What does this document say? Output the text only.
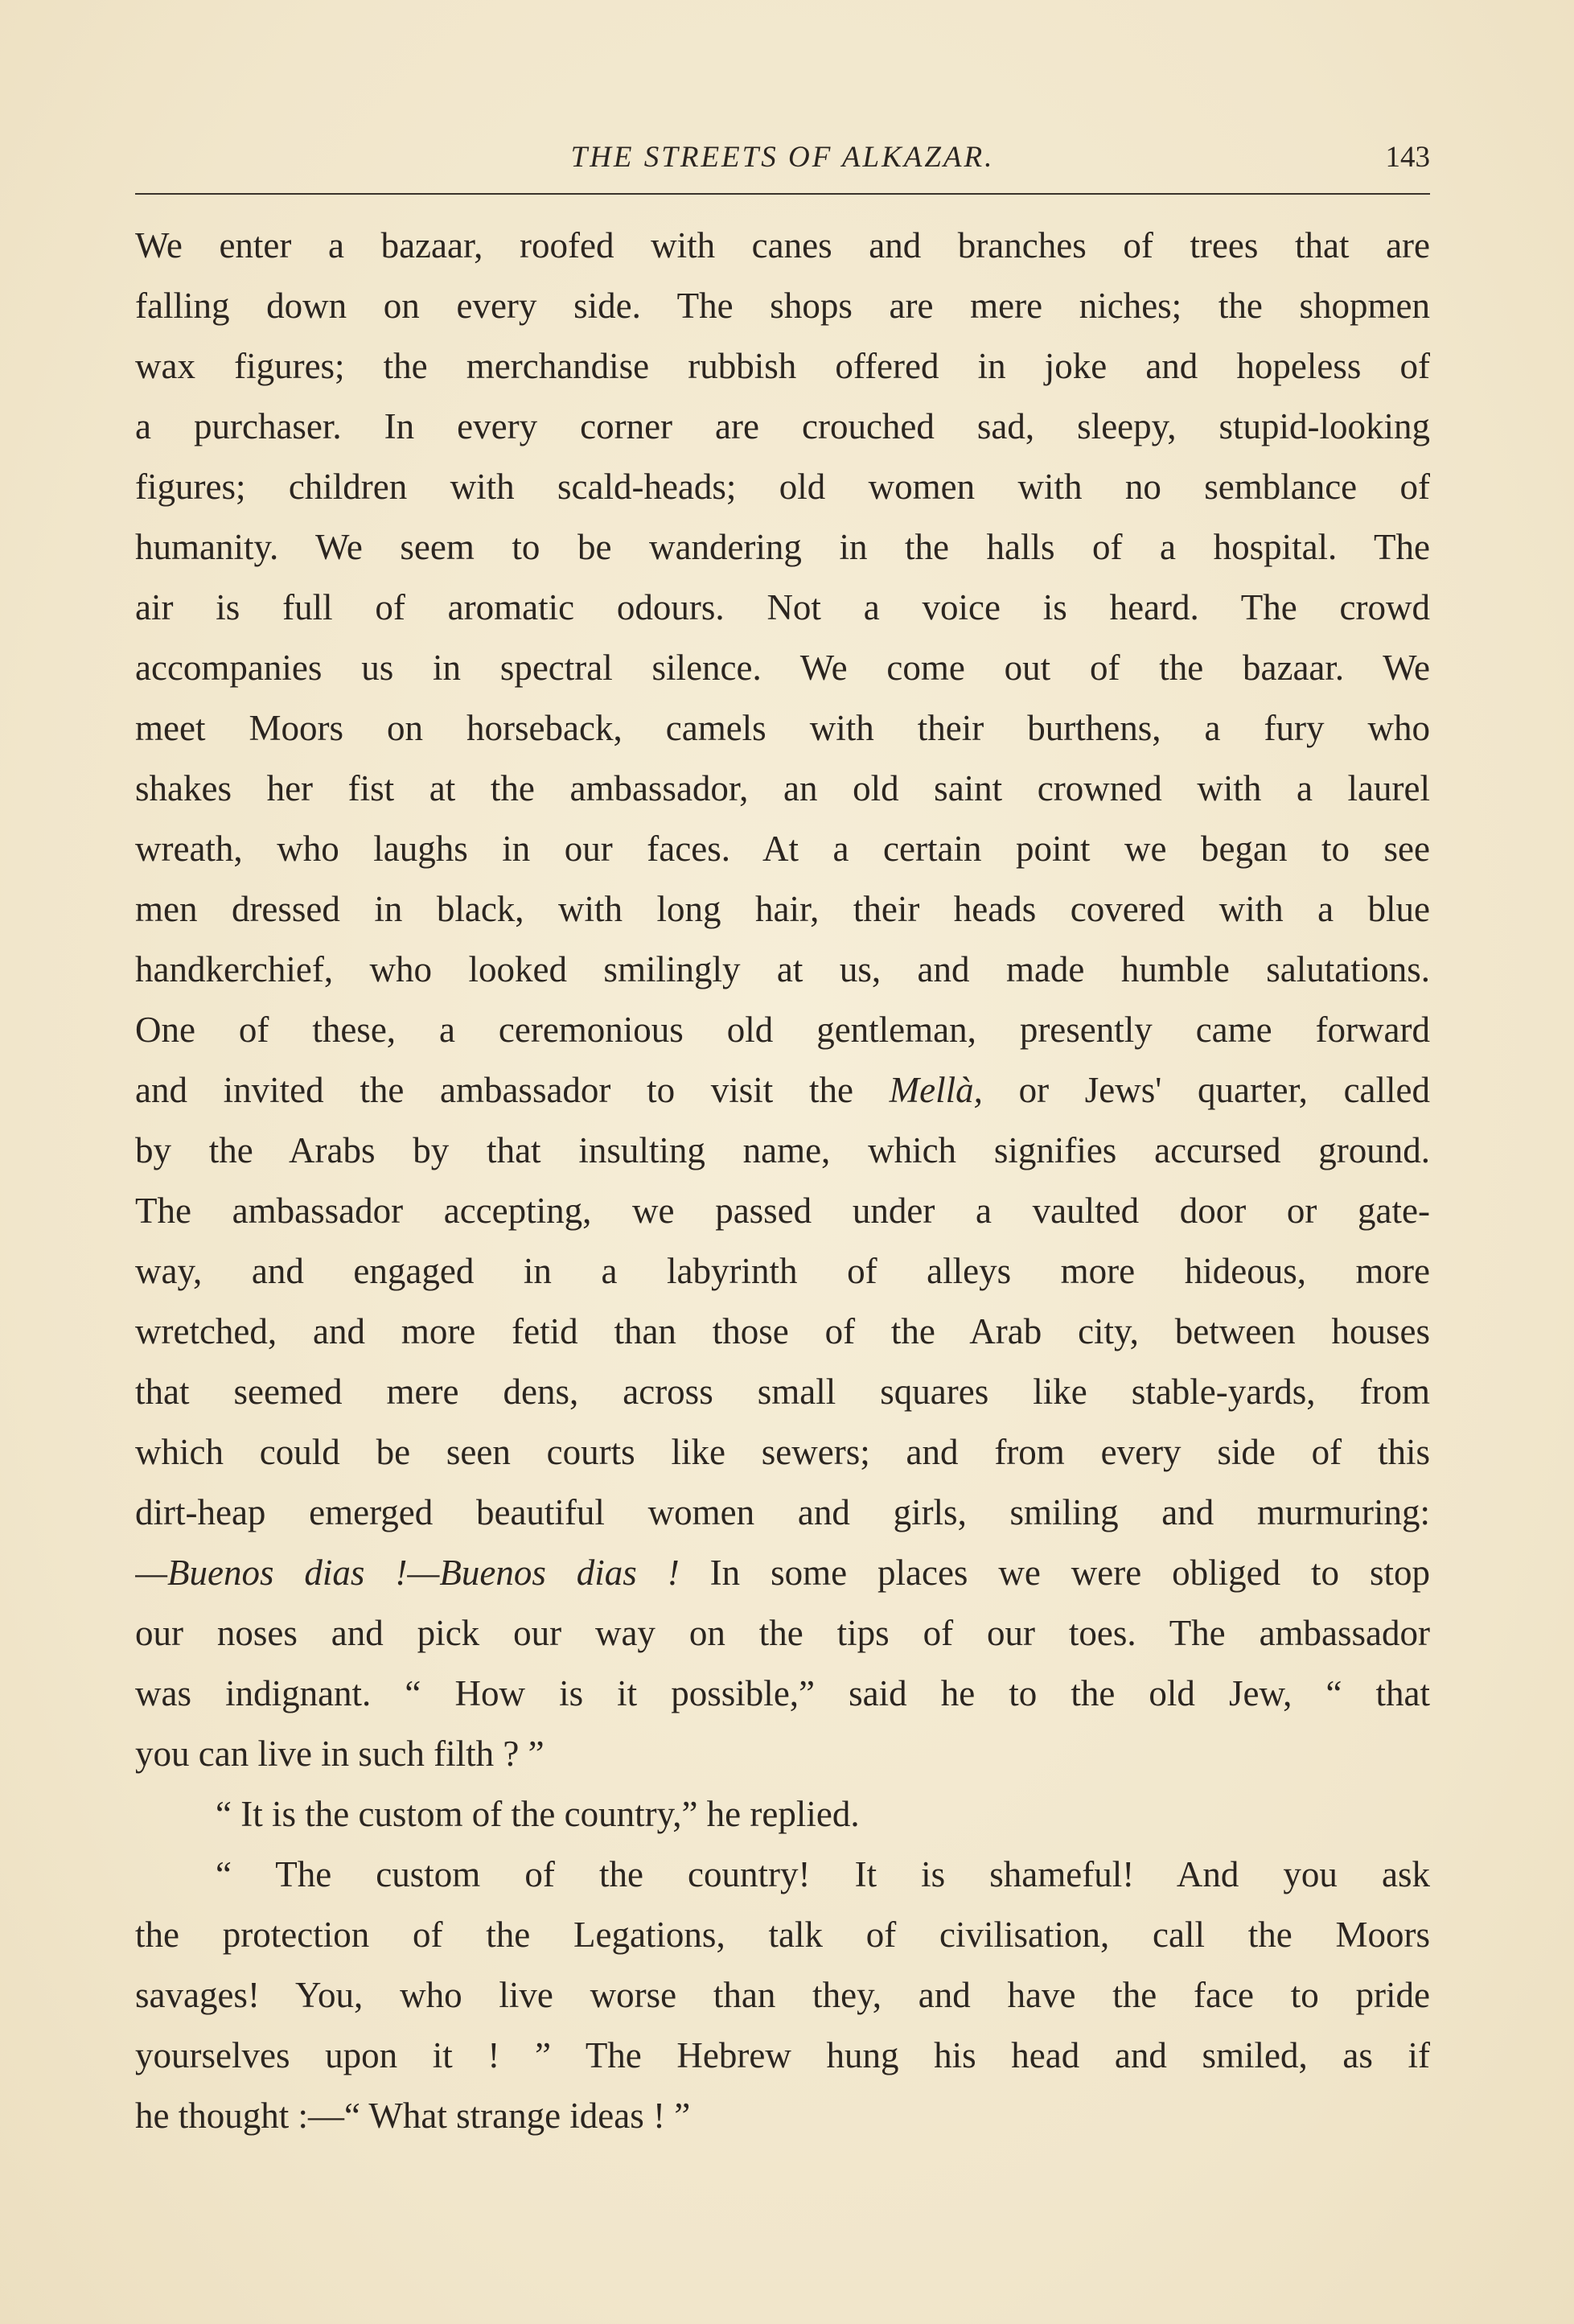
THE STREETS OF ALKAZAR.	143
We enter a bazaar, roofed with canes and branches of trees that are
falling down on every side. The shops are mere niches; the shopmen
wax figures; the merchandise rubbish offered in joke and hopeless of
a purchaser. In every corner are crouched sad, sleepy, stupid-looking
figures; children with scald-heads; old women with no semblance of
humanity. We seem to be wandering in the halls of a hospital. The
air is full of aromatic odours. Not a voice is heard. The crowd
accompanies us in spectral silence. We come out of the bazaar. We
meet Moors on horseback, camels with their burthens, a fury who
shakes her fist at the ambassador, an old saint crowned with a laurel
wreath, who laughs in our faces. At a certain point we began to see
men dressed in black, with long hair, their heads covered with a blue
handkerchief, who looked smilingly at us, and made humble salutations.
One of these, a ceremonious old gentleman, presently came forward
and invited the ambassador to visit the Mellà, or Jews' quarter, called
by the Arabs by that insulting name, which signifies accursed ground.
The ambassador accepting, we passed under a vaulted door or gate-
way, and engaged in a labyrinth of alleys more hideous, more
wretched, and more fetid than those of the Arab city, between houses
that seemed mere dens, across small squares like stable-yards, from
which could be seen courts like sewers; and from every side of this
dirt-heap emerged beautiful women and girls, smiling and murmuring:
—Buenos dias !—Buenos dias ! In some places we were obliged to stop
our noses and pick our way on the tips of our toes. The ambassador
was indignant. “ How is it possible,” said he to the old Jew, “ that
you can live in such filth ? ”
“ It is the custom of the country,” he replied.
“ The custom of the country! It is shameful! And you ask
the protection of the Legations, talk of civilisation, call the Moors
savages! You, who live worse than they, and have the face to pride
yourselves upon it ! ” The Hebrew hung his head and smiled, as if
he thought :—“ What strange ideas ! ”
